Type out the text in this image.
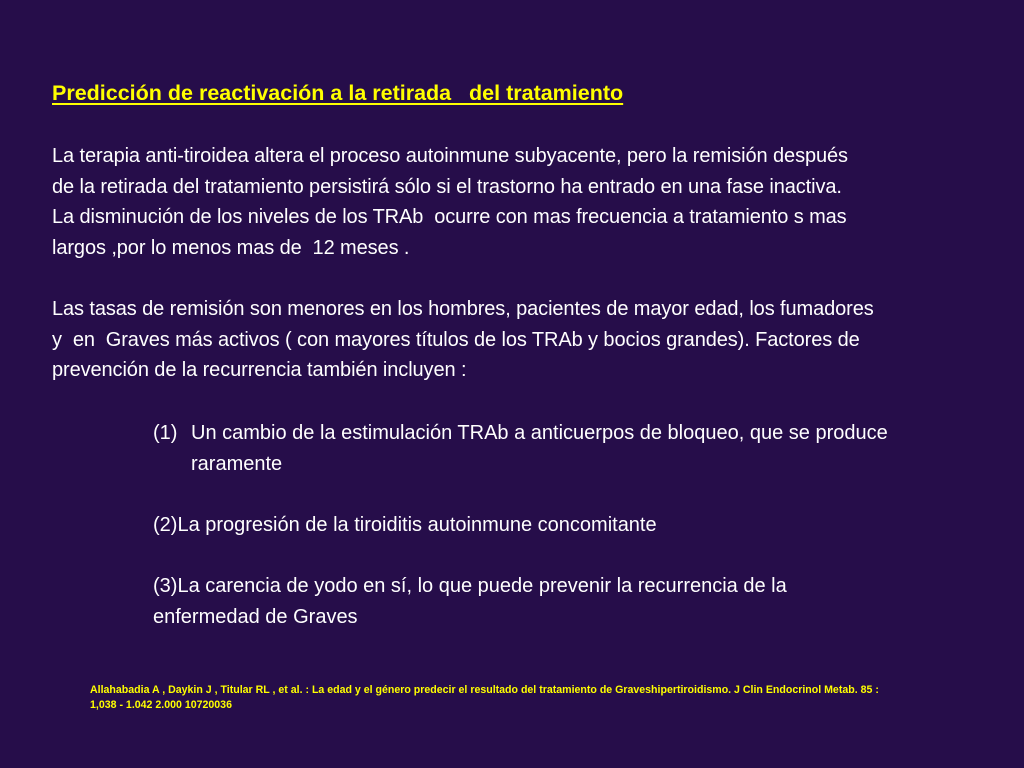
Predicción de reactivación a la retirada   del tratamiento
La terapia anti-tiroidea altera el proceso autoinmune subyacente, pero la remisión después
de la retirada del tratamiento persistirá sólo si el trastorno ha entrado en una fase inactiva.
La disminución de los niveles de los TRAb  ocurre con mas frecuencia a tratamiento s mas
largos ,por lo menos mas de  12 meses .
Las tasas de remisión son menores en los hombres, pacientes de mayor edad, los fumadores
y  en  Graves más activos ( con mayores títulos de los TRAb y bocios grandes). Factores de
prevención de la recurrencia también incluyen :
(1) Un cambio de la estimulación TRAb a anticuerpos de bloqueo, que se produce
raramente
(2)La progresión de la tiroiditis autoinmune concomitante
(3)La carencia de yodo en sí, lo que puede prevenir la recurrencia de la
enfermedad de Graves
Allahabadia A , Daykin J , Titular RL , et al. : La edad y el género predecir el resultado del tratamiento de Graveshipertiroidismo. J Clin Endocrinol Metab. 85 :
1,038 - 1.042 2.000 10720036
